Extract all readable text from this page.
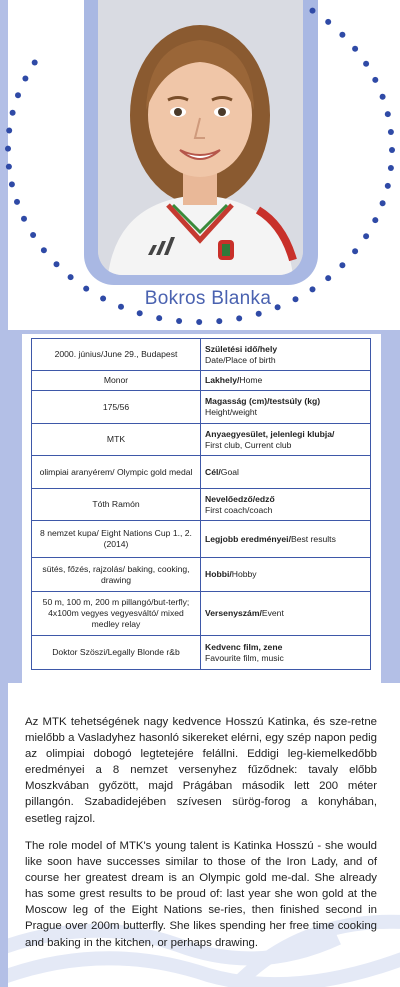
Bokros Blanka
2000. június/June 29., Budapest	Születési idő/hely
Date/Place of birth
Monor	Lakhely/Home
175/56	Magasság (cm)/testsúly (kg)
Height/weight
MTK	Anyaegyesület, jelenlegi klubja/
First club, Current club
olimpiai aranyérem/ Olympic gold medal	Cél/Goal
Tóth Ramón	Nevelőedző/edző
First coach/coach
8 nemzet kupa/ Eight Nations Cup 1., 2. (2014)	Legjobb eredményei/Best results
sütés, főzés, rajzolás/ baking, cooking, drawing	Hobbi/Hobby
50 m, 100 m, 200 m pillangó/but-terfly; 4x100m vegyes vegyesváltó/ mixed medley relay	Versenyszám/Event
Doktor Szöszi/Legally Blonde r&b	Kedvenc film, zene
Favourite film, music
Az MTK tehetségének nagy kedvence Hosszú Katinka, és sze-retne mielőbb a Vasladyhez hasonló sikereket elérni, egy szép napon pedig az olimpiai dobogó legtetejére felállni. Eddigi leg-kiemelkedőbb eredményei a 8 nemzet versenyhez fűződnek: tavaly előbb Moszkvában győzött, majd Prágában második lett 200 méter pillangón. Szabadidejében szívesen sürög-forog a konyhában, esetleg rajzol.
The role model of MTK's young talent is Katinka Hosszú - she would like soon have successes similar to those of the Iron Lady, and of course her greatest dream is an Olympic gold me-dal. She already has some grest results to be proud of: last year she won gold at the Moscow leg of the Eight Nations se-ries, then finished second in Prague over 200m butterfly. She likes spending her free time cooking and baking in the kitchen, or perhaps drawing.
